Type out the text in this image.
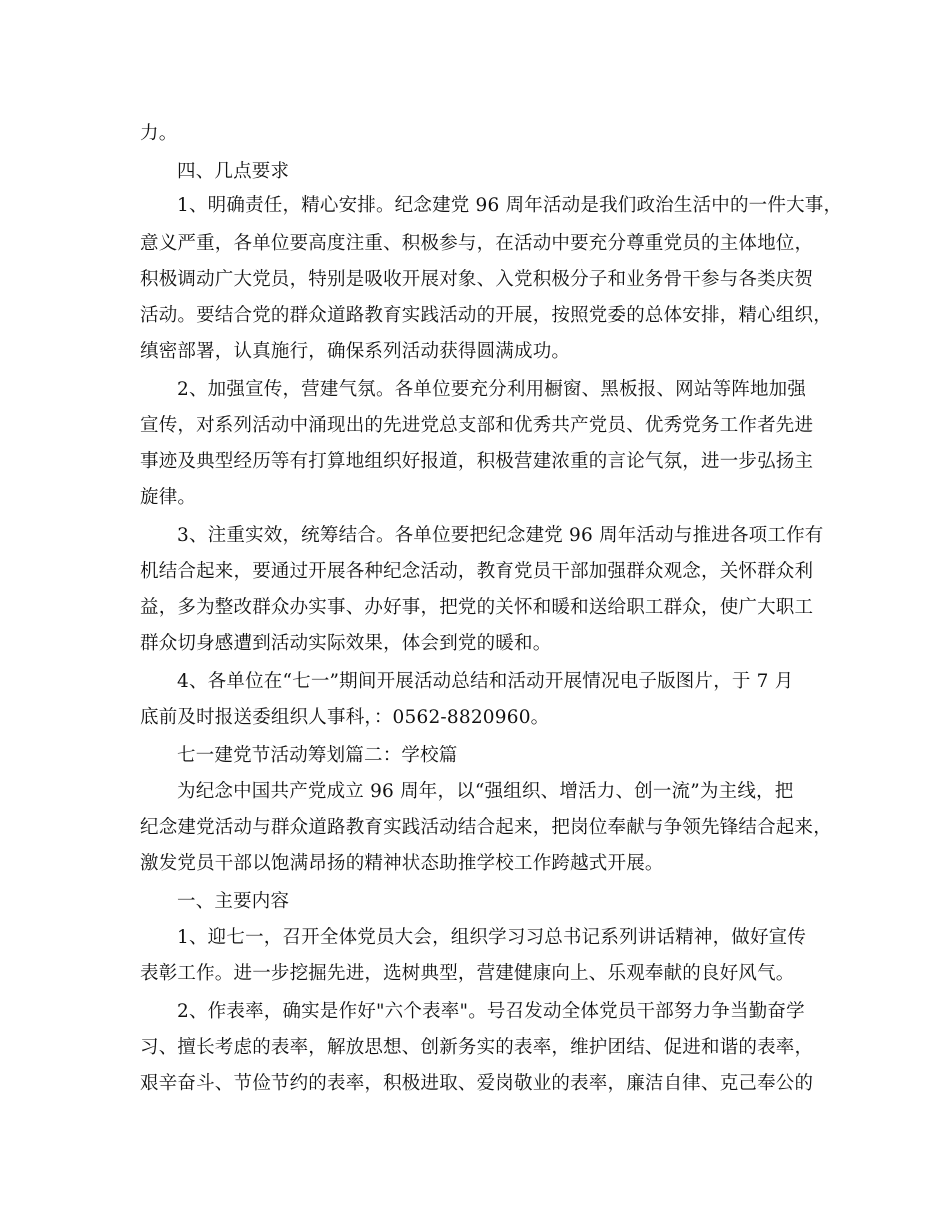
力。
四、几点要求
1、明确责任，精心安排。纪念建党 96 周年活动是我们政治生活中的一件大事，
意义严重，各单位要高度注重、积极参与，在活动中要充分尊重党员的主体地位，
积极调动广大党员，特别是吸收开展对象、入党积极分子和业务骨干参与各类庆贺
活动。要结合党的群众道路教育实践活动的开展，按照党委的总体安排，精心组织，
缜密部署，认真施行，确保系列活动获得圆满成功。
2、加强宣传，营建气氛。各单位要充分利用橱窗、黑板报、网站等阵地加强
宣传，对系列活动中涌现出的先进党总支部和优秀共产党员、优秀党务工作者先进
事迹及典型经历等有打算地组织好报道，积极营建浓重的言论气氛，进一步弘扬主
旋律。
3、注重实效，统筹结合。各单位要把纪念建党 96 周年活动与推进各项工作有
机结合起来，要通过开展各种纪念活动，教育党员干部加强群众观念，关怀群众利
益，多为整改群众办实事、办好事，把党的关怀和暖和送给职工群众，使广大职工
群众切身感遭到活动实际效果，体会到党的暖和。
4、各单位在“七一”期间开展活动总结和活动开展情况电子版图片，于 7 月
底前及时报送委组织人事科，：0562-8820960。
七一建党节活动筹划篇二：学校篇
为纪念中国共产党成立 96 周年，以“强组织、增活力、创一流”为主线，把
纪念建党活动与群众道路教育实践活动结合起来，把岗位奉献与争领先锋结合起来，
激发党员干部以饱满昂扬的精神状态助推学校工作跨越式开展。
一、主要内容
1、迎七一，召开全体党员大会，组织学习习总书记系列讲话精神，做好宣传
表彰工作。进一步挖掘先进，选树典型，营建健康向上、乐观奉献的良好风气。
2、作表率，确实是作好"六个表率"。号召发动全体党员干部努力争当勤奋学
习、擅长考虑的表率，解放思想、创新务实的表率，维护团结、促进和谐的表率，
艰辛奋斗、节俭节约的表率，积极进取、爱岗敬业的表率，廉洁自律、克己奉公的
